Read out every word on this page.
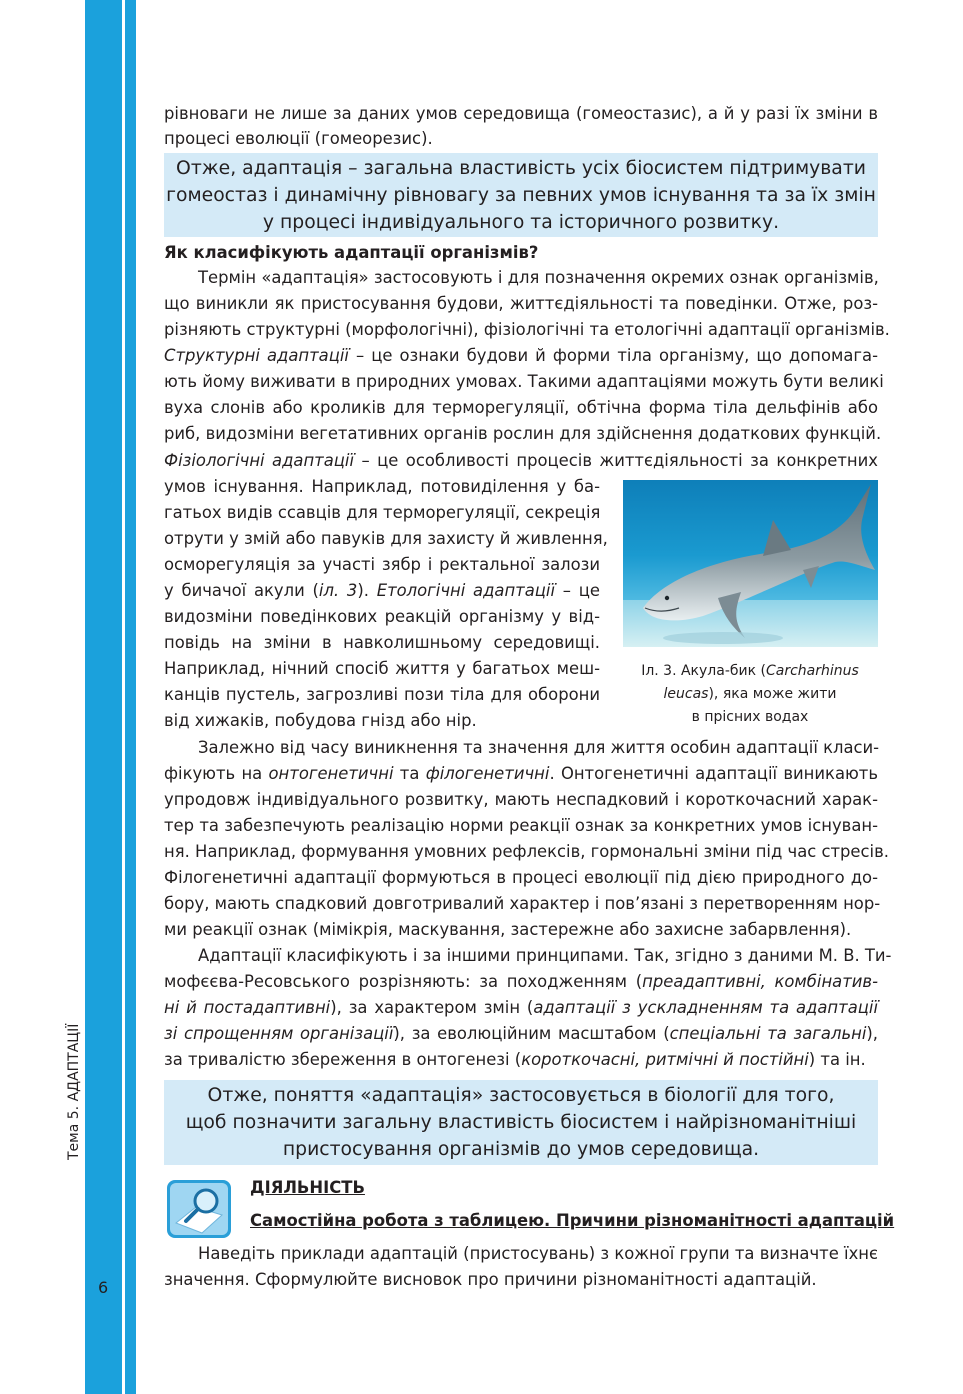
Тема 5. АДАПТАЦІЇ
6
рівноваги не лише за даних умов середовища (гомеостазис), а й у разі їх зміни в
процесі еволюції (гомеорезис).
Отже, адаптація – загальна властивість усіх біосистем підтримувати
гомеостаз і динамічну рівновагу за певних умов існування та за їх змін
у процесі індивідуального та історичного розвитку.
Як класифікують адаптації організмів?
Термін «адаптація» застосовують і для позначення окремих ознак організмів,
що виникли як пристосування будови, життєдіяльності та поведінки. Отже, роз-
різняють структурні (морфологічні), фізіологічні та етологічні адаптації організмів.
Структурні адаптації – це ознаки будови й форми тіла організму, що допомага-
ють йому виживати в природних умовах. Такими адаптаціями можуть бути великі
вуха слонів або кроликів для терморегуляції, обтічна форма тіла дельфінів або
риб, видозміни вегетативних органів рослин для здійснення додаткових функцій.
Фізіологічні адаптації – це особливості процесів життєдіяльності за конкретних
умов існування. Наприклад, потовиділення у ба-
гатьох видів ссавців для терморегуляції, секреція
отрути у змій або павуків для захисту й живлення,
осморегуляція за участі зябр і ректальної залози
у бичачої акули (іл. 3). Етологічні адаптації – це
видозміни поведінкових реакцій організму у від-
повідь на зміни в навколишньому середовищі.
Наприклад, нічний спосіб життя у багатьох меш-
канців пустель, загрозливі пози тіла для оборони
від хижаків, побудова гнізд або нір.
Іл. 3. Акула-бик (Carcharhinus
leucas), яка може жити
в прісних водах
Залежно від часу виникнення та значення для життя особин адаптації класи-
фікують на онтогенетичні та філогенетичні. Онтогенетичні адаптації виникають
упродовж індивідуального розвитку, мають неспадковий і короткочасний харак-
тер та забезпечують реалізацію норми реакції ознак за конкретних умов існуван-
ня. Наприклад, формування умовних рефлексів, гормональні зміни під час стресів.
Філогенетичні адаптації формуються в процесі еволюції під дією природного до-
бору, мають спадковий довготривалий характер і пов’язані з перетворенням нор-
ми реакції ознак (мімікрія, маскування, застережне або захисне забарвлення).
Адаптації класифікують і за іншими принципами. Так, згідно з даними М. В. Ти-
мофєєва-Ресовського розрізняють: за походженням (преадаптивні, комбінатив-
ні й постадаптивні), за характером змін (адаптації з ускладненням та адаптації
зі спрощенням організації), за еволюційним масштабом (спеціальні та загальні),
за тривалістю збереження в онтогенезі (короткочасні, ритмічні й постійні) та ін.
Отже, поняття «адаптація» застосовується в біології для того,
щоб позначити загальну властивість біосистем і найрізноманітніші
пристосування організмів до умов середовища.
ДІЯЛЬНІСТЬ
Самостійна робота з таблицею. Причини різноманітності адаптацій
Наведіть приклади адаптацій (пристосувань) з кожної групи та визначте їхнє
значення. Сформулюйте висновок про причини різноманітності адаптацій.
